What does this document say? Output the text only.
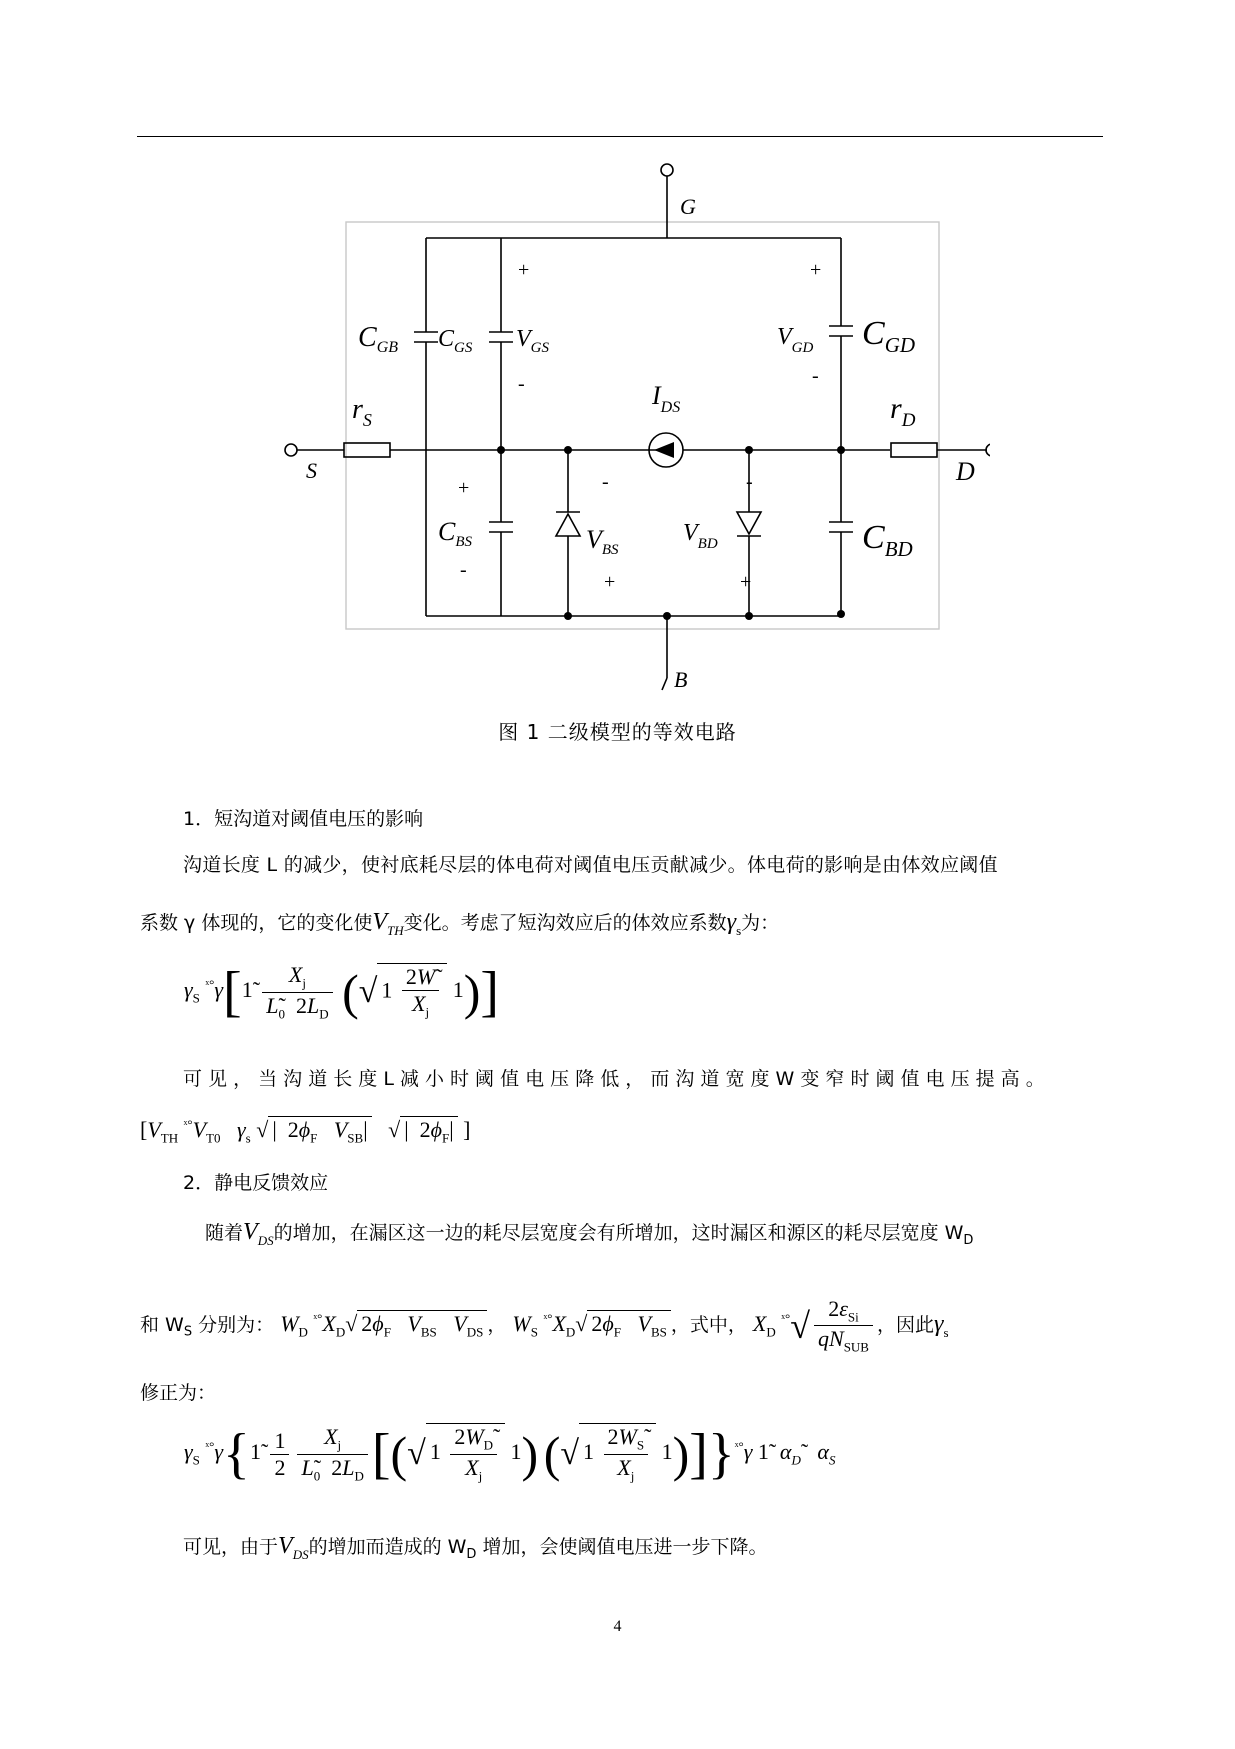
G
S	D
B
$C_{GB}$ $C_{GS}$ $V_{GS}$	$V_{GD}$ $C_{GD}$
$r_S$	$r_D$
$I_{DS}$
$C_{BS}$	$V_{BS}$
$V_{BD}$	$C_{BD}$
+
-
+
-
+
-
-
+
-
+
图 1 二级模型的等效电路
1．短沟道对阈值电压的影响
沟道长度 L 的减少，使衬底耗尽层的体电荷对阈值电压贡献减少。体电荷的影响是由体效应阈值
系数 γ 体现的，它的变化使$V_{TH}$变化。考虑了短沟效应后的体效应系数$\gamma_s$为：
$\gamma_S$ $^{ˣ^\circ}$γ[1̃ $\frac{X_j}{L_0 2L_D}$ (√ $1 \frac{2W}{X_j} 1$)]
可 见 ， 当 沟 道 长 度 L 减 小 时 阈 值 电 压 降 低 ， 而 沟 道 宽 度 W 变 窄 时 阈 值 电 压 提 高 。
[$V_{TH}$ $^{ˣ^\circ}V_{T0}$ $\gamma_s$ √ |  $2\phi_F$ $V_{SB}|$   √ |  $2\phi_F|$ ]
2．静电反馈效应
随着$V_{DS}$的增加，在漏区这一边的耗尽层宽度会有所增加，这时漏区和源区的耗尽层宽度 $W_D$
和 $W_S$ 分别为： $W_D$ $^{ˣ^\circ}X_D√$ $2\phi_F$ $V_{BS}$ $V_{DS}$ ， $W_S$ $^{ˣ^\circ}X_D√$ $2\phi_F$ $V_{BS}$ ，式中， $X_D$ $^{ˣ^\circ}√ \frac{2\varepsilon_{Si}}{qN_{SUB}}$ ，因此$\gamma_s$
修正为：
$\gamma_S$ $^{ˣ^\circ}$γ{1̃ $\frac{1}{2} \frac{X_j}{L_0 2L_D}$ [(√ $1 \frac{2W_D}{X_j} 1$) (√ $1 \frac{2W_S}{X_j} 1)]\}^{ˣ^\circ}\gamma$ 1̃  $\alpha_D̃$   $\alpha_S$
可见，由于$V_{DS}$的增加而造成的 $W_D$ 增加，会使阈值电压进一步下降。
4
